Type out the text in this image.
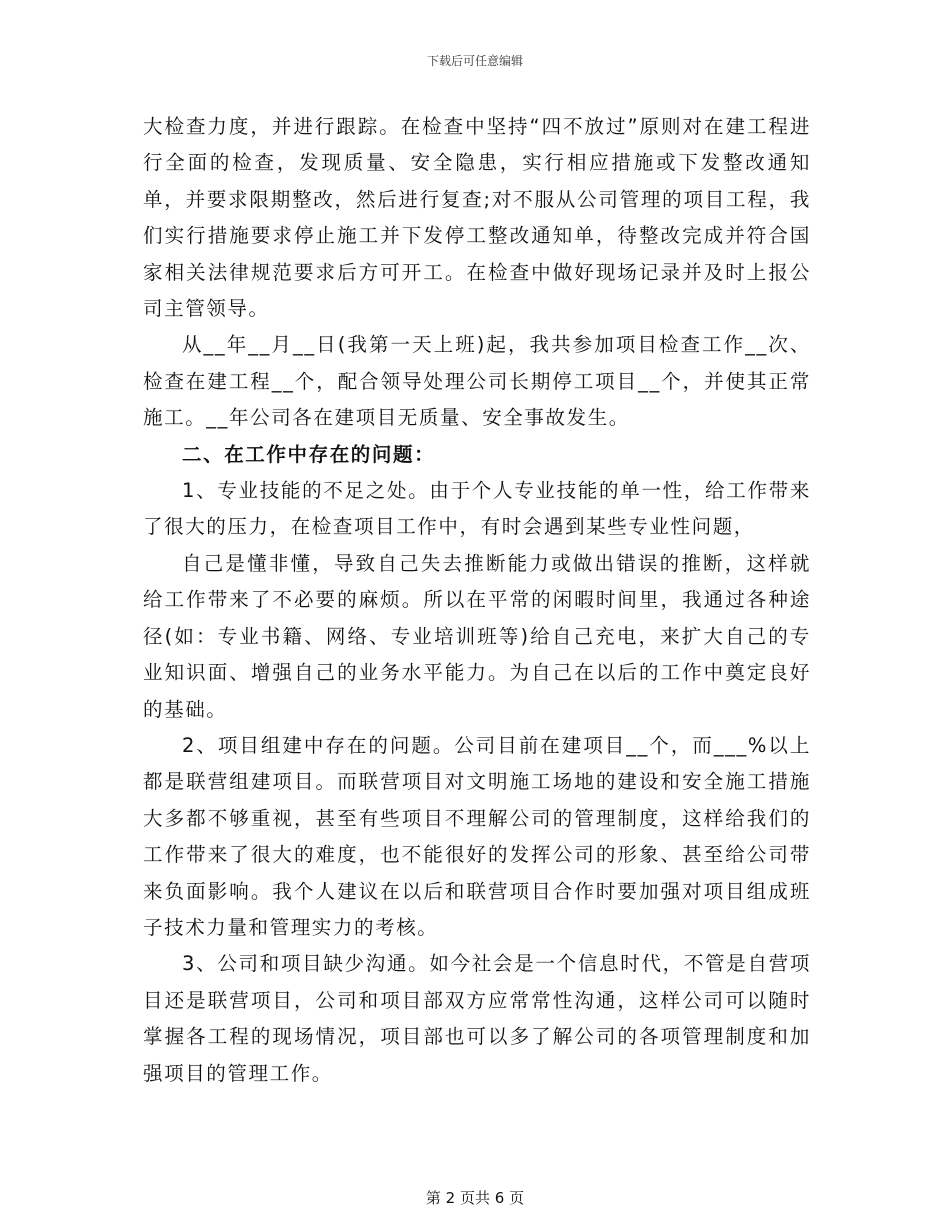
下载后可任意编辑

大检查力度，并进行跟踪。在检查中坚持“四不放过”原则对在建工程进行全面的检查，发现质量、安全隐患，实行相应措施或下发整改通知单，并要求限期整改，然后进行复查;对不服从公司管理的项目工程，我们实行措施要求停止施工并下发停工整改通知单，待整改完成并符合国家相关法律规范要求后方可开工。在检查中做好现场记录并及时上报公司主管领导。

从__年__月__日(我第一天上班)起，我共参加项目检查工作__次、检查在建工程__个，配合领导处理公司长期停工项目__个，并使其正常施工。__年公司各在建项目无质量、安全事故发生。

二、在工作中存在的问题：

1、专业技能的不足之处。由于个人专业技能的单一性，给工作带来了很大的压力，在检查项目工作中，有时会遇到某些专业性问题，

自己是懂非懂，导致自己失去推断能力或做出错误的推断，这样就给工作带来了不必要的麻烦。所以在平常的闲暇时间里，我通过各种途径(如：专业书籍、网络、专业培训班等)给自己充电，来扩大自己的专业知识面、增强自己的业务水平能力。为自己在以后的工作中奠定良好的基础。

2、项目组建中存在的问题。公司目前在建项目__个，而___%以上都是联营组建项目。而联营项目对文明施工场地的建设和安全施工措施大多都不够重视，甚至有些项目不理解公司的管理制度，这样给我们的工作带来了很大的难度，也不能很好的发挥公司的形象、甚至给公司带来负面影响。我个人建议在以后和联营项目合作时要加强对项目组成班子技术力量和管理实力的考核。

3、公司和项目缺少沟通。如今社会是一个信息时代，不管是自营项目还是联营项目，公司和项目部双方应常常性沟通，这样公司可以随时掌握各工程的现场情况，项目部也可以多了解公司的各项管理制度和加强项目的管理工作。

第 2 页共 6 页
